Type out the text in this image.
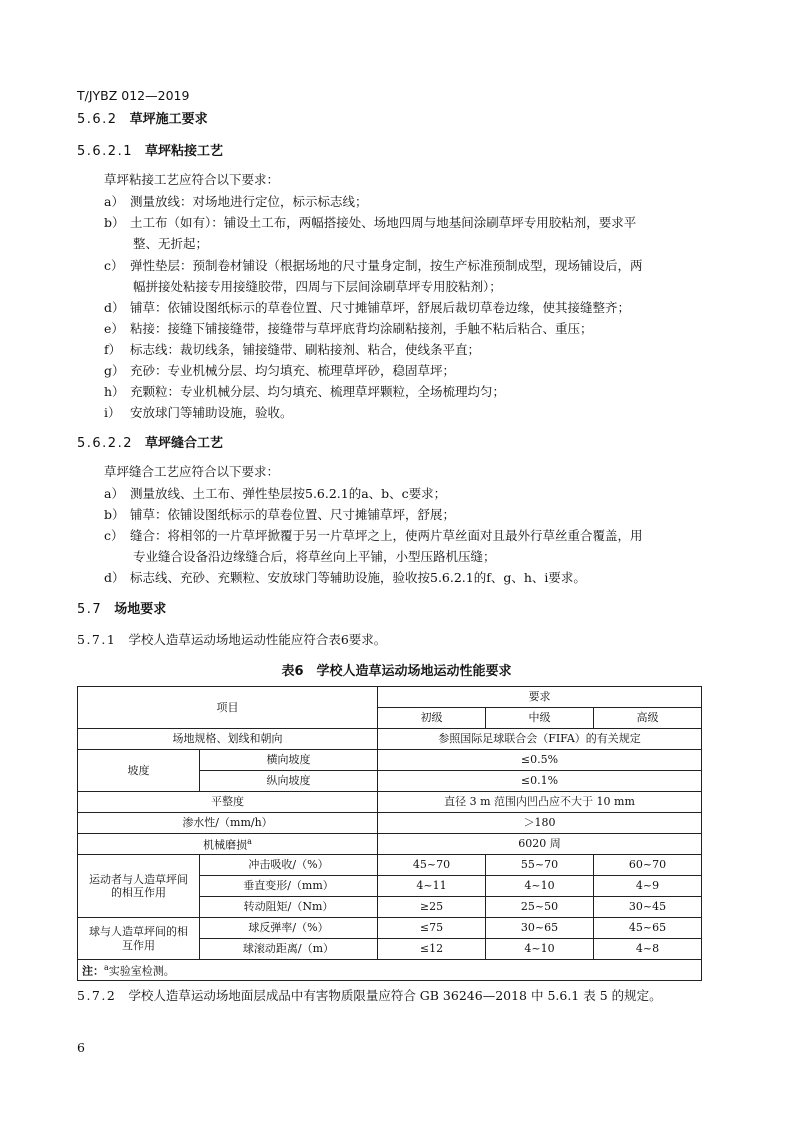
T/JYBZ 012—2019
5.6.2 草坪施工要求
5.6.2.1 草坪粘接工艺
草坪粘接工艺应符合以下要求：
a） 测量放线：对场地进行定位，标示标志线；
b） 土工布（如有）：铺设土工布，两幅搭接处、场地四周与地基间涂刷草坪专用胶粘剂，要求平
整、无折起；
c） 弹性垫层：预制卷材铺设（根据场地的尺寸量身定制，按生产标准预制成型，现场铺设后，两
幅拼接处粘接专用接缝胶带，四周与下层间涂刷草坪专用胶粘剂）；
d） 铺草：依铺设图纸标示的草卷位置、尺寸摊铺草坪，舒展后裁切草卷边缘，使其接缝整齐；
e） 粘接：接缝下铺接缝带，接缝带与草坪底背均涂刷粘接剂，手触不粘后粘合、重压；
f） 标志线：裁切线条，铺接缝带、刷粘接剂、粘合，使线条平直；
g） 充砂：专业机械分层、均匀填充、梳理草坪砂，稳固草坪；
h） 充颗粒：专业机械分层、均匀填充、梳理草坪颗粒，全场梳理均匀；
i） 安放球门等辅助设施，验收。
5.6.2.2 草坪缝合工艺
草坪缝合工艺应符合以下要求：
a） 测量放线、土工布、弹性垫层按5.6.2.1的a、b、c要求；
b） 铺草：依铺设图纸标示的草卷位置、尺寸摊铺草坪，舒展；
c） 缝合：将相邻的一片草坪掀覆于另一片草坪之上，使两片草丝面对且最外行草丝重合覆盖，用
专业缝合设备沿边缘缝合后，将草丝向上平铺，小型压路机压缝；
d） 标志线、充砂、充颗粒、安放球门等辅助设施，验收按5.6.2.1的f、g、h、i要求。
5.7 场地要求
5.7.1 学校人造草运动场地运动性能应符合表6要求。
表6　学校人造草运动场地运动性能要求
项目		要求		
		初级	中级	高级
场地规格、划线和朝向		参照国际足球联合会（FIFA）的有关规定		
坡度	横向坡度	≤0.5%		
	纵向坡度	≤0.1%		
平整度		直径 3 m 范围内凹凸应不大于 10 mm		
渗水性/（mm/h）		＞180		
机械磨损$^a$		6020 周		
运动者与人造草坪间的相互作用	冲击吸收/（%）	45~70	55~70	60~70
	垂直变形/（mm）	4~11	4~10	4~9
	转动阻矩/（Nm）	≥25	25~50	30~45
球与人造草坪间的相互作用	球反弹率/（%）	≤75	30~65	45~65
	球滚动距离/（m）	≤12	4~10	4~8
注：$^a$实验室检测。				
5.7.2 学校人造草运动场地面层成品中有害物质限量应符合 GB 36246—2018 中 5.6.1 表 5 的规定。
6
